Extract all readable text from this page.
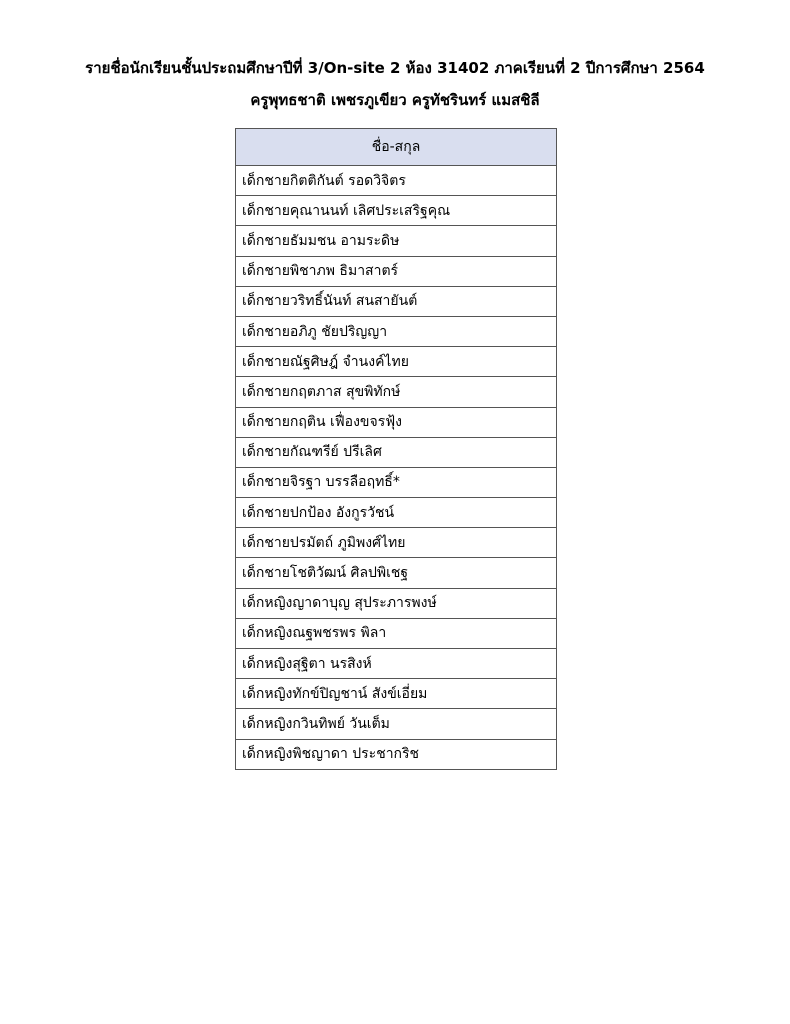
รายชื่อนักเรียนชั้นประถมศึกษาปีที่ 3/On-site 2 ห้อง 31402 ภาคเรียนที่ 2 ปีการศึกษา 2564
ครูพุทธชาติ เพชรภูเขียว ครูทัชรินทร์ แมสชิลี
ชื่อ-สกุล
เด็กชายกิตติกันต์ รอดวิจิตร
เด็กชายคุณานนท์ เลิศประเสริฐคุณ
เด็กชายธัมมชน อามระดิษ
เด็กชายพิชาภพ ธิมาสาตร์
เด็กชายวริทธิ์นันท์ สนสายันต์
เด็กชายอภิภู ชัยปริญญา
เด็กชายณัฐศิษฎ์ จำนงค์ไทย
เด็กชายกฤตภาส สุขพิทักษ์
เด็กชายกฤติน เฟื่องขจรฟุ้ง
เด็กชายกัณฑรีย์ ปรีเลิศ
เด็กชายจิรฐา บรรลือฤทธิ์*
เด็กชายปกป้อง อังกูรวัชน์
เด็กชายปรมัตถ์ ภูมิพงศ์ไทย
เด็กชายโชติวัฒน์ ศิลปพิเชฐ
เด็กหญิงญาดาบุญ สุประภารพงษ์
เด็กหญิงณฐพชรพร พิลา
เด็กหญิงสุฐิตา นรสิงห์
เด็กหญิงทักข์ปิญชาน์ สังข์เอี่ยม
เด็กหญิงกวินทิพย์ วันเต็ม
เด็กหญิงพิชญาดา ประชากริช
